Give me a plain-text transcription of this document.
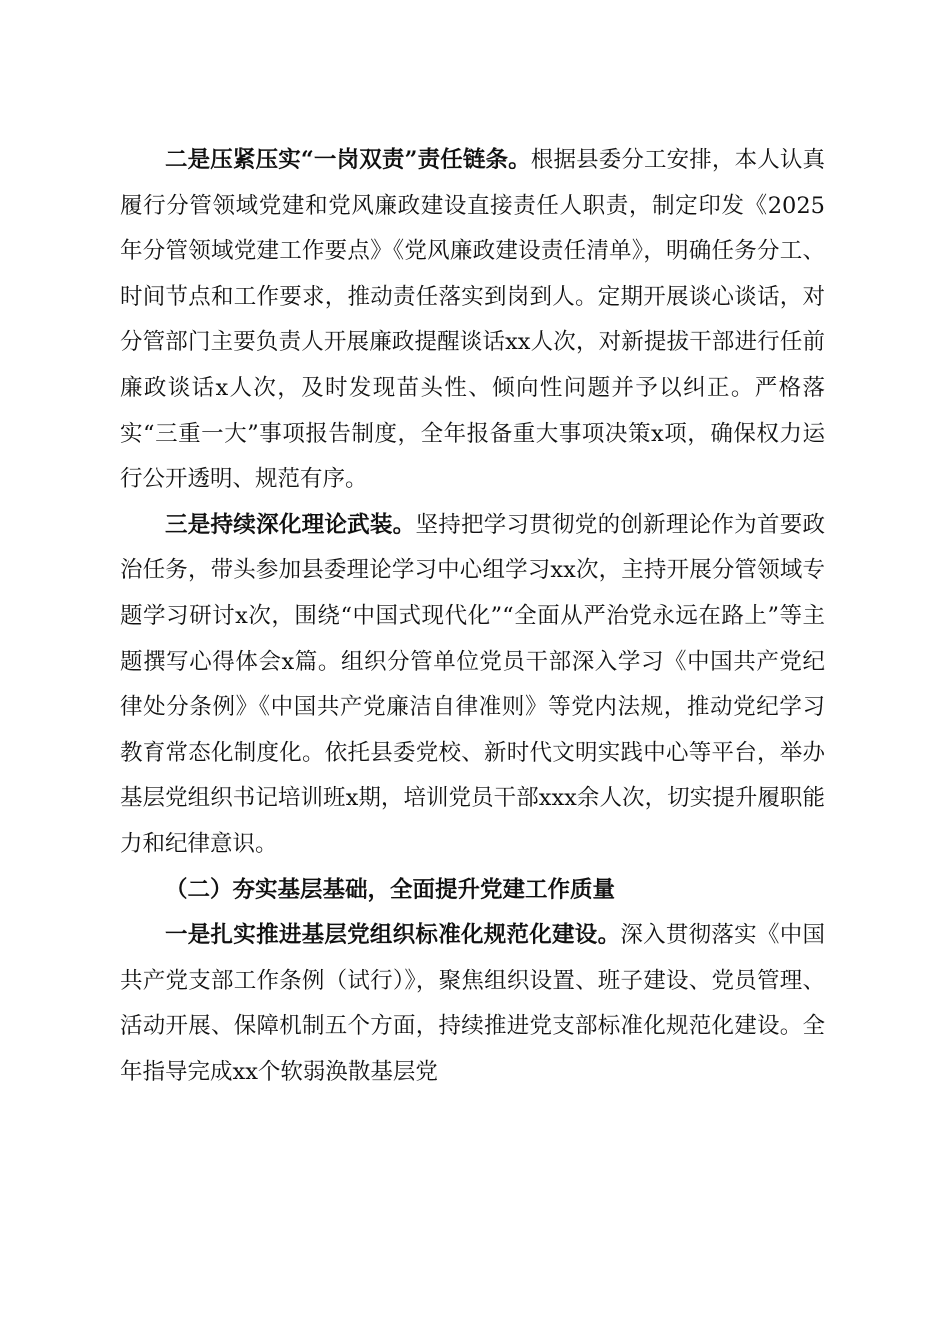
二是压紧压实“一岗双责”责任链条。根据县委分工安排，本人认真履行分管领域党建和党风廉政建设直接责任人职责，制定印发《2025年分管领域党建工作要点》《党风廉政建设责任清单》，明确任务分工、时间节点和工作要求，推动责任落实到岗到人。定期开展谈心谈话，对分管部门主要负责人开展廉政提醒谈话xx人次，对新提拔干部进行任前廉政谈话x人次，及时发现苗头性、倾向性问题并予以纠正。严格落实“三重一大”事项报告制度，全年报备重大事项决策x项，确保权力运行公开透明、规范有序。

三是持续深化理论武装。坚持把学习贯彻党的创新理论作为首要政治任务，带头参加县委理论学习中心组学习xx次，主持开展分管领域专题学习研讨x次，围绕“中国式现代化”“全面从严治党永远在路上”等主题撰写心得体会x篇。组织分管单位党员干部深入学习《中国共产党纪律处分条例》《中国共产党廉洁自律准则》等党内法规，推动党纪学习教育常态化制度化。依托县委党校、新时代文明实践中心等平台，举办基层党组织书记培训班x期，培训党员干部xxx余人次，切实提升履职能力和纪律意识。

（二）夯实基层基础，全面提升党建工作质量

一是扎实推进基层党组织标准化规范化建设。深入贯彻落实《中国共产党支部工作条例（试行）》，聚焦组织设置、班子建设、党员管理、活动开展、保障机制五个方面，持续推进党支部标准化规范化建设。全年指导完成xx个软弱涣散基层党
